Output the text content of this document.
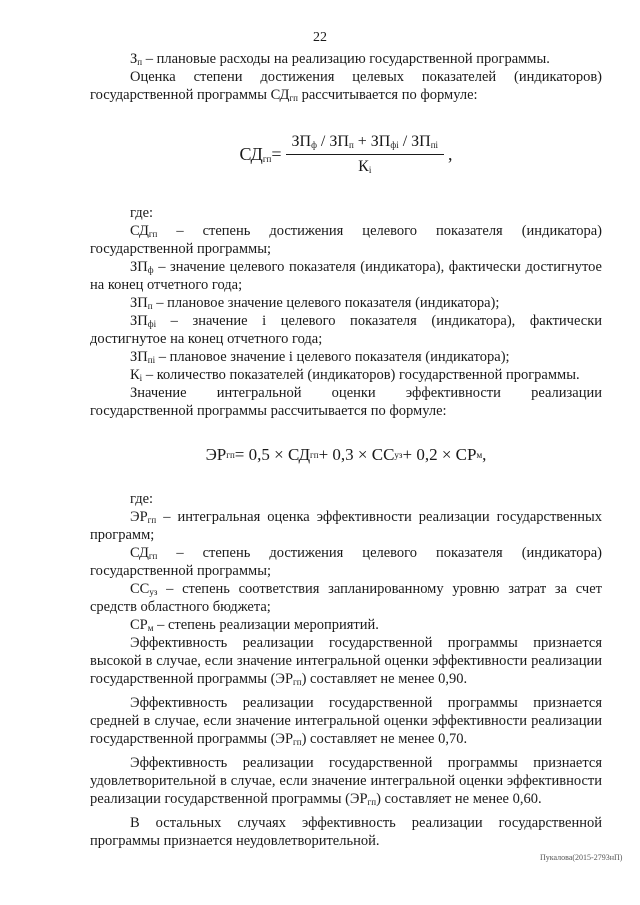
22

$З_п$ – плановые расходы на реализацию государственной программы.

Оценка степени достижения целевых показателей (индикаторов) государственной программы $СД_{гп}$ рассчитывается по формуле:

$СД_{гп} = \frac{ЗП_ф / ЗП_п + ЗП_{фi} / ЗП_{пi}}{К_i}$ ,

где:

$СД_{гп}$ – степень достижения целевого показателя (индикатора) государственной программы;

$ЗП_ф$ – значение целевого показателя (индикатора), фактически достигнутое на конец отчетного года;

$ЗП_п$ – плановое значение целевого показателя (индикатора);

$ЗП_{фi}$ – значение i целевого показателя (индикатора), фактически достигнутое на конец отчетного года;

$ЗП_{пi}$ – плановое значение i целевого показателя (индикатора);

$К_i$ – количество показателей (индикаторов) государственной программы.

Значение интегральной оценки эффективности реализации государственной программы рассчитывается по формуле:

ЭР гп = 0,5 × СД гп + 0,3 × СС уз + 0,2 × СР м ,

где:

$ЭР_{гп}$ – интегральная оценка эффективности реализации государственных программ;

$СД_{гп}$ – степень достижения целевого показателя (индикатора) государственной программы;

$СС_{уз}$ – степень соответствия запланированному уровню затрат за счет средств областного бюджета;

$СР_м$ – степень реализации мероприятий.

Эффективность реализации государственной программы признается высокой в случае, если значение интегральной оценки эффективности реализации государственной программы $(ЭР_{гп})$ составляет не менее 0,90.

Эффективность реализации государственной программы признается средней в случае, если значение интегральной оценки эффективности реализации государственной программы $(ЭР_{гп})$ составляет не менее 0,70.

Эффективность реализации государственной программы признается удовлетворительной в случае, если значение интегральной оценки эффективности реализации государственной программы $(ЭР_{гп})$ составляет не менее 0,60.

В остальных случаях эффективность реализации государственной программы признается неудовлетворительной.

Пукалова(2015-2793нП)
